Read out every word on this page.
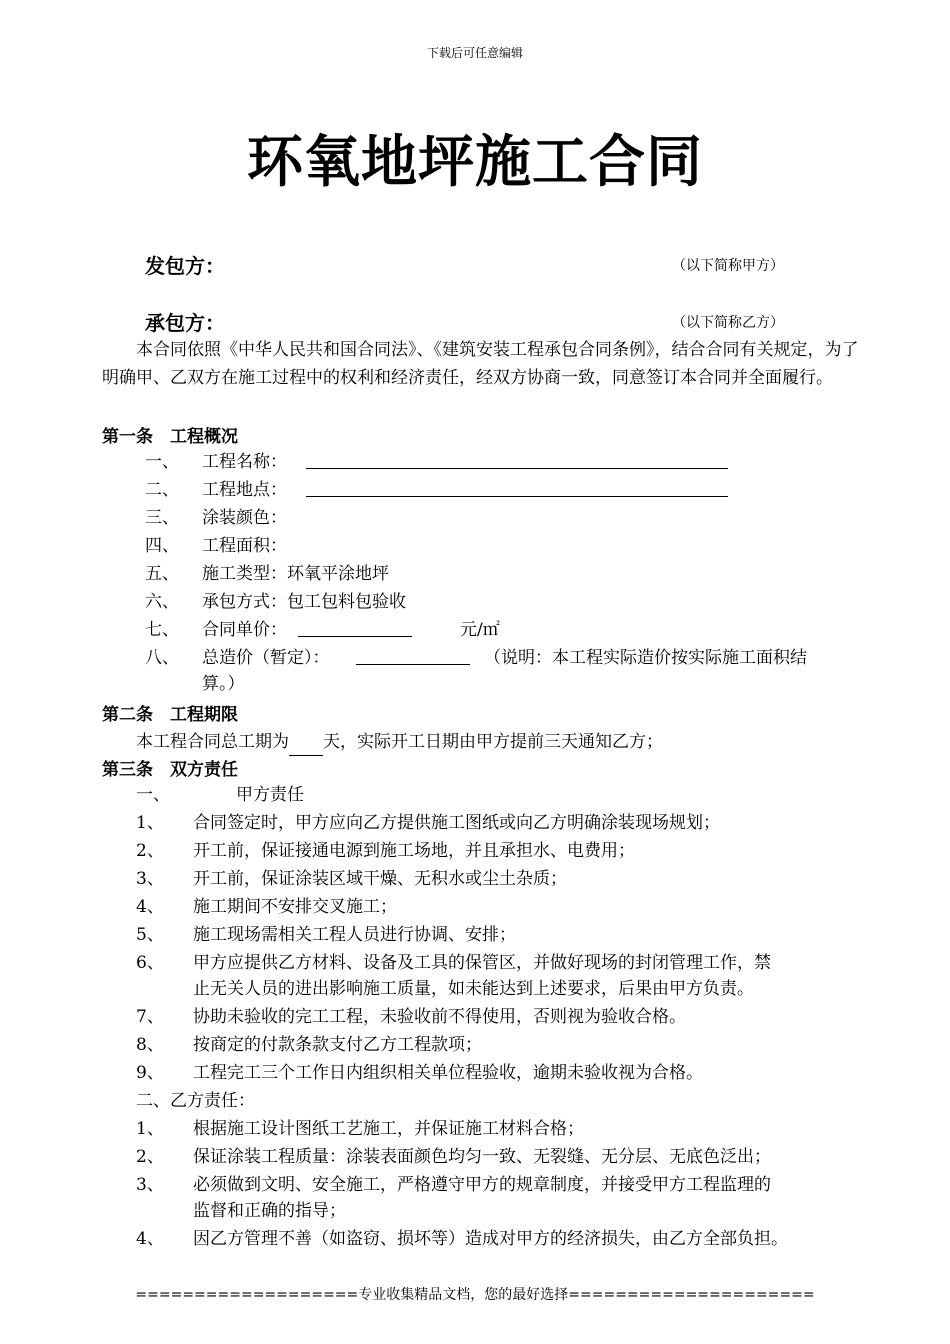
下载后可任意编辑
环氧地坪施工合同
发包方：	（以下简称甲方）
承包方：	（以下简称乙方）
本合同依照《中华人民共和国合同法》、《建筑安装工程承包合同条例》，结合合同有关规定，为了明确甲、乙双方在施工过程中的权利和经济责任，经双方协商一致，同意签订本合同并全面履行。
第一条　工程概况
一、 工程名称：
二、 工程地点：
三、 涂装颜色：
四、 工程面积：
五、 施工类型：环氧平涂地坪
六、 承包方式：包工包料包验收
七、 合同单价：	元/㎡
八、 总造价（暂定）：	（说明：本工程实际造价按实际施工面积结
算。）
第二条　工程期限
本工程合同总工期为 天，实际开工日期由甲方提前三天通知乙方；
第三条　双方责任
一、	甲方责任
1、 合同签定时，甲方应向乙方提供施工图纸或向乙方明确涂装现场规划；
2、 开工前，保证接通电源到施工场地，并且承担水、电费用；
3、 开工前，保证涂装区域干燥、无积水或尘土杂质；
4、 施工期间不安排交叉施工；
5、 施工现场需相关工程人员进行协调、安排；
6、 甲方应提供乙方材料、设备及工具的保管区，并做好现场的封闭管理工作，禁
止无关人员的进出影响施工质量，如未能达到上述要求，后果由甲方负责。
7、 协助未验收的完工工程，未验收前不得使用，否则视为验收合格。
8、 按商定的付款条款支付乙方工程款项；
9、 工程完工三个工作日内组织相关单位程验收，逾期未验收视为合格。
二、乙方责任：
1、 根据施工设计图纸工艺施工，并保证施工材料合格；
2、 保证涂装工程质量：涂装表面颜色均匀一致、无裂缝、无分层、无底色泛出；
3、 必须做到文明、安全施工，严格遵守甲方的规章制度，并接受甲方工程监理的
监督和正确的指导；
4、 因乙方管理不善（如盗窃、损坏等）造成对甲方的经济损失，由乙方全部负担。
===================专业收集精品文档，您的最好选择=====================
